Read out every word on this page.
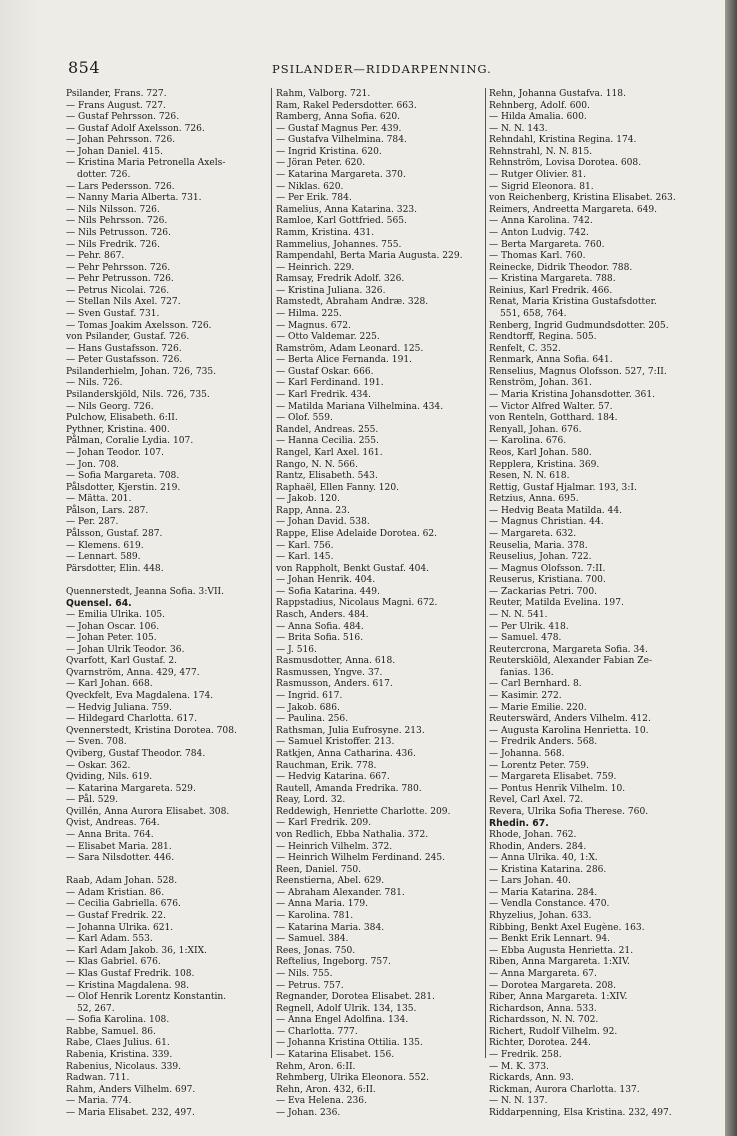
854	PSILANDER—RIDDARPENNING.
Psilander, Frans. 727.
— Frans August. 727.
— Gustaf Pehrsson. 726.
— Gustaf Adolf Axelsson. 726.
— Johan Pehrsson. 726.
— Johan Daniel. 415.
— Kristina Maria Petronella Axels-
dotter. 726.
— Lars Pedersson. 726.
— Nanny Maria Alberta. 731.
— Nils Nilsson. 726.
— Nils Pehrsson. 726.
— Nils Petrusson. 726.
— Nils Fredrik. 726.
— Pehr. 867.
— Pehr Pehrsson. 726.
— Pehr Petrusson. 726.
— Petrus Nicolai. 726.
— Stellan Nils Axel. 727.
— Sven Gustaf. 731.
— Tomas Joakim Axelsson. 726.
von Psilander, Gustaf. 726.
— Hans Gustafsson. 726.
— Peter Gustafsson. 726.
Psilanderhielm, Johan. 726, 735.
— Nils. 726.
Psilanderskjöld, Nils. 726, 735.
— Nils Georg. 726.
Pulchow, Elisabeth. 6:II.
Pythner, Kristina. 400.
Pålman, Coralie Lydia. 107.
— Johan Teodor. 107.
— Jon. 708.
— Sofia Margareta. 708.
Pålsdotter, Kjerstin. 219.
— Mätta. 201.
Pålson, Lars. 287.
— Per. 287.
Pålsson, Gustaf. 287.
— Klemens. 619.
— Lennart. 589.
Pärsdotter, Elin. 448.
Quennerstedt, Jeanna Sofia. 3:VII.
Quensel. 64.
— Emilia Ulrika. 105.
— Johan Oscar. 106.
— Johan Peter. 105.
— Johan Ulrik Teodor. 36.
Qvarfott, Karl Gustaf. 2.
Qvarnström, Anna. 429, 477.
— Karl Johan. 668.
Qveckfelt, Eva Magdalena. 174.
— Hedvig Juliana. 759.
— Hildegard Charlotta. 617.
Qvennerstedt, Kristina Dorotea. 708.
— Sven. 708.
Qviberg, Gustaf Theodor. 784.
— Oskar. 362.
Qviding, Nils. 619.
— Katarina Margareta. 529.
— Pål. 529.
Qvillén, Anna Aurora Elisabet. 308.
Qvist, Andreas. 764.
— Anna Brita. 764.
— Elisabet Maria. 281.
— Sara Nilsdotter. 446.
Raab, Adam Johan. 528.
— Adam Kristian. 86.
— Cecilia Gabriella. 676.
— Gustaf Fredrik. 22.
— Johanna Ulrika. 621.
— Karl Adam. 553.
— Karl Adam Jakob. 36, 1:XIX.
— Klas Gabriel. 676.
— Klas Gustaf Fredrik. 108.
— Kristina Magdalena. 98.
— Olof Henrik Lorentz Konstantin.
52, 267.
— Sofia Karolina. 108.
Rabbe, Samuel. 86.
Rabe, Claes Julius. 61.
Rabenia, Kristina. 339.
Rabenius, Nicolaus. 339.
Radwan. 711.
Rahm, Anders Vilhelm. 697.
— Maria. 774.
— Maria Elisabet. 232, 497.
Rahm, Valborg. 721.
Ram, Rakel Pedersdotter. 663.
Ramberg, Anna Sofia. 620.
— Gustaf Magnus Per. 439.
— Gustafva Vilhelmina. 784.
— Ingrid Kristina. 620.
— Jöran Peter. 620.
— Katarina Margareta. 370.
— Niklas. 620.
— Per Erik. 784.
Ramelius, Anna Katarina. 323.
Ramloe, Karl Gottfried. 565.
Ramm, Kristina. 431.
Rammelius, Johannes. 755.
Rampendahl, Berta Maria Augusta. 229.
— Heinrich. 229.
Ramsay, Fredrik Adolf. 326.
— Kristina Juliana. 326.
Ramstedt, Abraham Andræ. 328.
— Hilma. 225.
— Magnus. 672.
— Otto Valdemar. 225.
Ramström, Adam Leonard. 125.
— Berta Alice Fernanda. 191.
— Gustaf Oskar. 666.
— Karl Ferdinand. 191.
— Karl Fredrik. 434.
— Matilda Mariana Vilhelmina. 434.
— Olof. 559.
Randel, Andreas. 255.
— Hanna Cecilia. 255.
Rangel, Karl Axel. 161.
Rango, N. N. 566.
Rantz, Elisabeth. 543.
Raphaël, Ellen Fanny. 120.
— Jakob. 120.
Rapp, Anna. 23.
— Johan David. 538.
Rappe, Elise Adelaide Dorotea. 62.
— Karl. 756.
— Karl. 145.
von Rappholt, Benkt Gustaf. 404.
— Johan Henrik. 404.
— Sofia Katarina. 449.
Rappstadius, Nicolaus Magni. 672.
Rasch, Anders. 484.
— Anna Sofia. 484.
— Brita Sofia. 516.
— J. 516.
Rasmusdotter, Anna. 618.
Rasmussen, Yngve. 37.
Rasmusson, Anders. 617.
— Ingrid. 617.
— Jakob. 686.
— Paulina. 256.
Rathsman, Julia Eufrosyne. 213.
— Samuel Kristoffer. 213.
Ratkjen, Anna Catharina. 436.
Rauchman, Erik. 778.
— Hedvig Katarina. 667.
Rautell, Amanda Fredrika. 780.
Reay, Lord. 32.
Reddewigh, Henriette Charlotte. 209.
— Karl Fredrik. 209.
von Redlich, Ebba Nathalia. 372.
— Heinrich Vilhelm. 372.
— Heinrich Wilhelm Ferdinand. 245.
Reen, Daniel. 750.
Reenstierna, Abel. 629.
— Abraham Alexander. 781.
— Anna Maria. 179.
— Karolina. 781.
— Katarina Maria. 384.
— Samuel. 384.
Rees, Jonas. 750.
Reftelius, Ingeborg. 757.
— Nils. 755.
— Petrus. 757.
Regnander, Dorotea Elisabet. 281.
Regnell, Adolf Ulrik. 134, 135.
— Anna Engel Adolfina. 134.
— Charlotta. 777.
— Johanna Kristina Ottilia. 135.
— Katarina Elisabet. 156.
Rehm, Aron. 6:II.
Rehmberg, Ulrika Eleonora. 552.
Rehn, Aron. 432, 6:II.
— Eva Helena. 236.
— Johan. 236.
Rehn, Johanna Gustafva. 118.
Rehnberg, Adolf. 600.
— Hilda Amalia. 600.
— N. N. 143.
Rehndahl, Kristina Regina. 174.
Rehnstrahl, N. N. 815.
Rehnström, Lovisa Dorotea. 608.
— Rutger Olivier. 81.
— Sigrid Eleonora. 81.
von Reichenberg, Kristina Elisabet. 263.
Reimers, Andreetta Margareta. 649.
— Anna Karolina. 742.
— Anton Ludvig. 742.
— Berta Margareta. 760.
— Thomas Karl. 760.
Reinecke, Didrik Theodor. 788.
— Kristina Margareta. 788.
Reinius, Karl Fredrik. 466.
Renat, Maria Kristina Gustafsdotter.
551, 658, 764.
Renberg, Ingrid Gudmundsdotter. 205.
Rendtorff, Regina. 505.
Renfelt, C. 352.
Renmark, Anna Sofia. 641.
Renselius, Magnus Olofsson. 527, 7:II.
Renström, Johan. 361.
— Maria Kristina Johansdotter. 361.
— Victor Alfred Walter. 57.
von Renteln, Gotthard. 184.
Renyall, Johan. 676.
— Karolina. 676.
Reos, Karl Johan. 580.
Repplera, Kristina. 369.
Resen, N. N. 618.
Rettig, Gustaf Hjalmar. 193, 3:I.
Retzius, Anna. 695.
— Hedvig Beata Matilda. 44.
— Magnus Christian. 44.
— Margareta. 632.
Reuselia, Maria. 378.
Reuselius, Johan. 722.
— Magnus Olofsson. 7:II.
Reuserus, Kristiana. 700.
— Zackarias Petri. 700.
Reuter, Matilda Evelina. 197.
— N. N. 541.
— Per Ulrik. 418.
— Samuel. 478.
Reutercrona, Margareta Sofia. 34.
Reuterskiöld, Alexander Fabian Ze-
fanias. 136.
— Carl Bernhard. 8.
— Kasimir. 272.
— Marie Emilie. 220.
Reuterswärd, Anders Vilhelm. 412.
— Augusta Karolina Henrietta. 10.
— Fredrik Anders. 568.
— Johanna. 568.
— Lorentz Peter. 759.
— Margareta Elisabet. 759.
— Pontus Henrik Vilhelm. 10.
Revel, Carl Axel. 72.
Revera, Ulrika Sofia Therese. 760.
Rhedin. 67.
Rhode, Johan. 762.
Rhodin, Anders. 284.
— Anna Ulrika. 40, 1:X.
— Kristina Katarina. 286.
— Lars Johan. 40.
— Maria Katarina. 284.
— Vendla Constance. 470.
Rhyzelius, Johan. 633.
Ribbing, Benkt Axel Eugène. 163.
— Benkt Erik Lennart. 94.
— Ebba Augusta Henrietta. 21.
Riben, Anna Margareta. 1:XIV.
— Anna Margareta. 67.
— Dorotea Margareta. 208.
Riber, Anna Margareta. 1:XIV.
Richardson, Anna. 533.
Richardsson, N. N. 702.
Richert, Rudolf Vilhelm. 92.
Richter, Dorotea. 244.
— Fredrik. 258.
— M. K. 373.
Rickards, Ann. 93.
Rickman, Aurora Charlotta. 137.
— N. N. 137.
Riddarpenning, Elsa Kristina. 232, 497.
